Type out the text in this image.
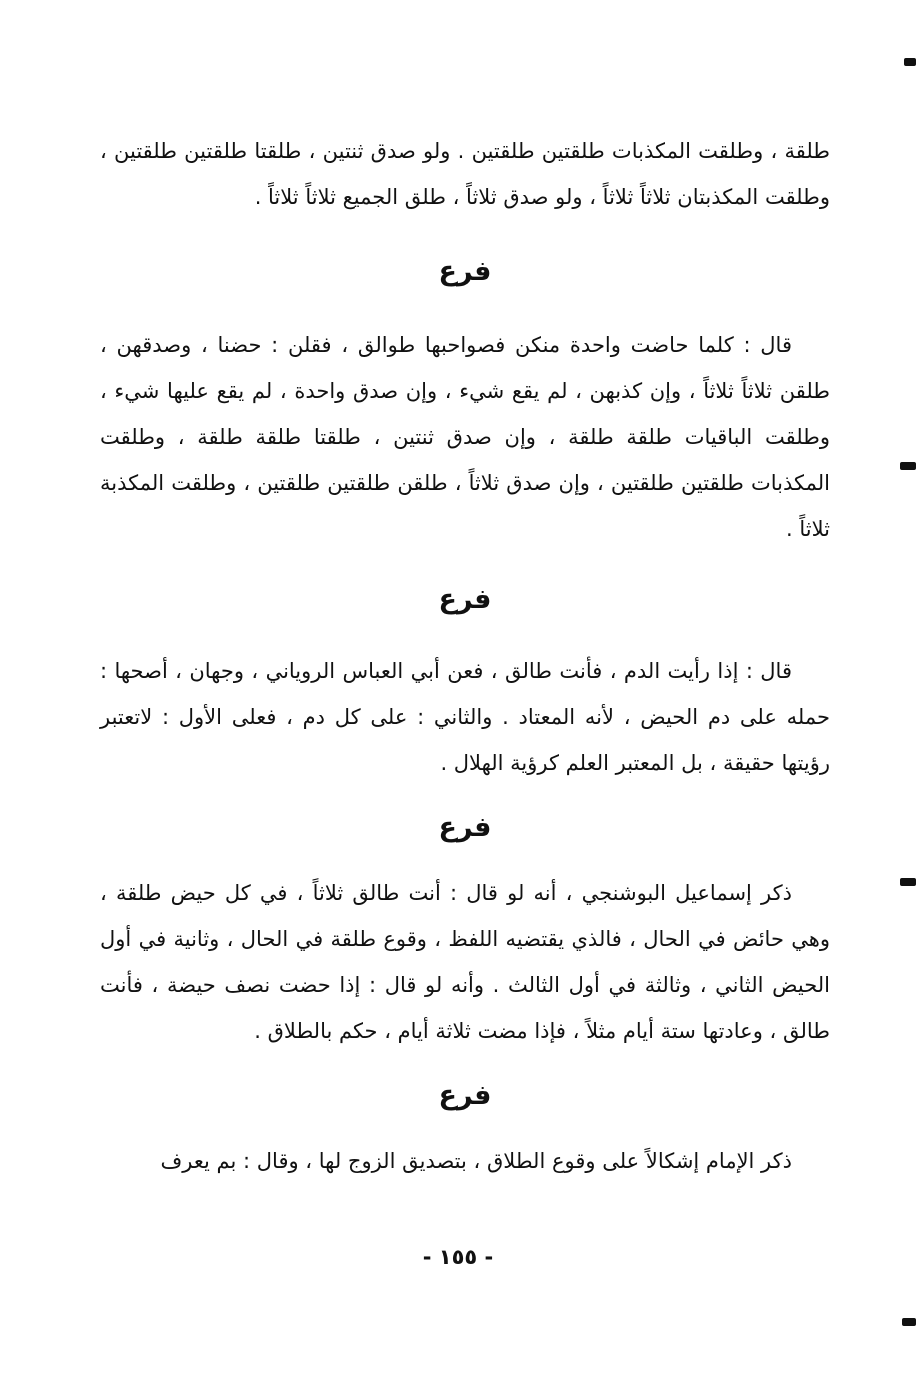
طلقة ، وطلقت المكذبات طلقتين طلقتين . ولو صدق ثنتين ، طلقتا طلقتين طلقتين ، وطلقت المكذبتان ثلاثاً ثلاثاً ، ولو صدق ثلاثاً ، طلق الجميع ثلاثاً ثلاثاً .

فرع

قال : كلما حاضت واحدة منكن فصواحبها طوالق ، فقلن : حضنا ، وصدقهن ، طلقن ثلاثاً ثلاثاً ، وإن كذبهن ، لم يقع شيء ، وإن صدق واحدة ، لم يقع عليها شيء ، وطلقت الباقيات طلقة طلقة ، وإن صدق ثنتين ، طلقتا طلقة طلقة ، وطلقت المكذبات طلقتين طلقتين ، وإن صدق ثلاثاً ، طلقن طلقتين طلقتين ، وطلقت المكذبة ثلاثاً .

فرع

قال : إذا رأيت الدم ، فأنت طالق ، فعن أبي العباس الروياني ، وجهان ، أصحها : حمله على دم الحيض ، لأنه المعتاد . والثاني : على كل دم ، فعلى الأول : لاتعتبر رؤيتها حقيقة ، بل المعتبر العلم كرؤية الهلال .

فرع

ذكر إسماعيل البوشنجي ، أنه لو قال : أنت طالق ثلاثاً ، في كل حيض طلقة ، وهي حائض في الحال ، فالذي يقتضيه اللفظ ، وقوع طلقة في الحال ، وثانية في أول الحيض الثاني ، وثالثة في أول الثالث . وأنه لو قال : إذا حضت نصف حيضة ، فأنت طالق ، وعادتها ستة أيام مثلاً ، فإذا مضت ثلاثة أيام ، حكم بالطلاق .

فرع

ذكر الإمام إشكالاً على وقوع الطلاق ، بتصديق الزوج لها ، وقال : بم يعرف

- ١٥٥ -
